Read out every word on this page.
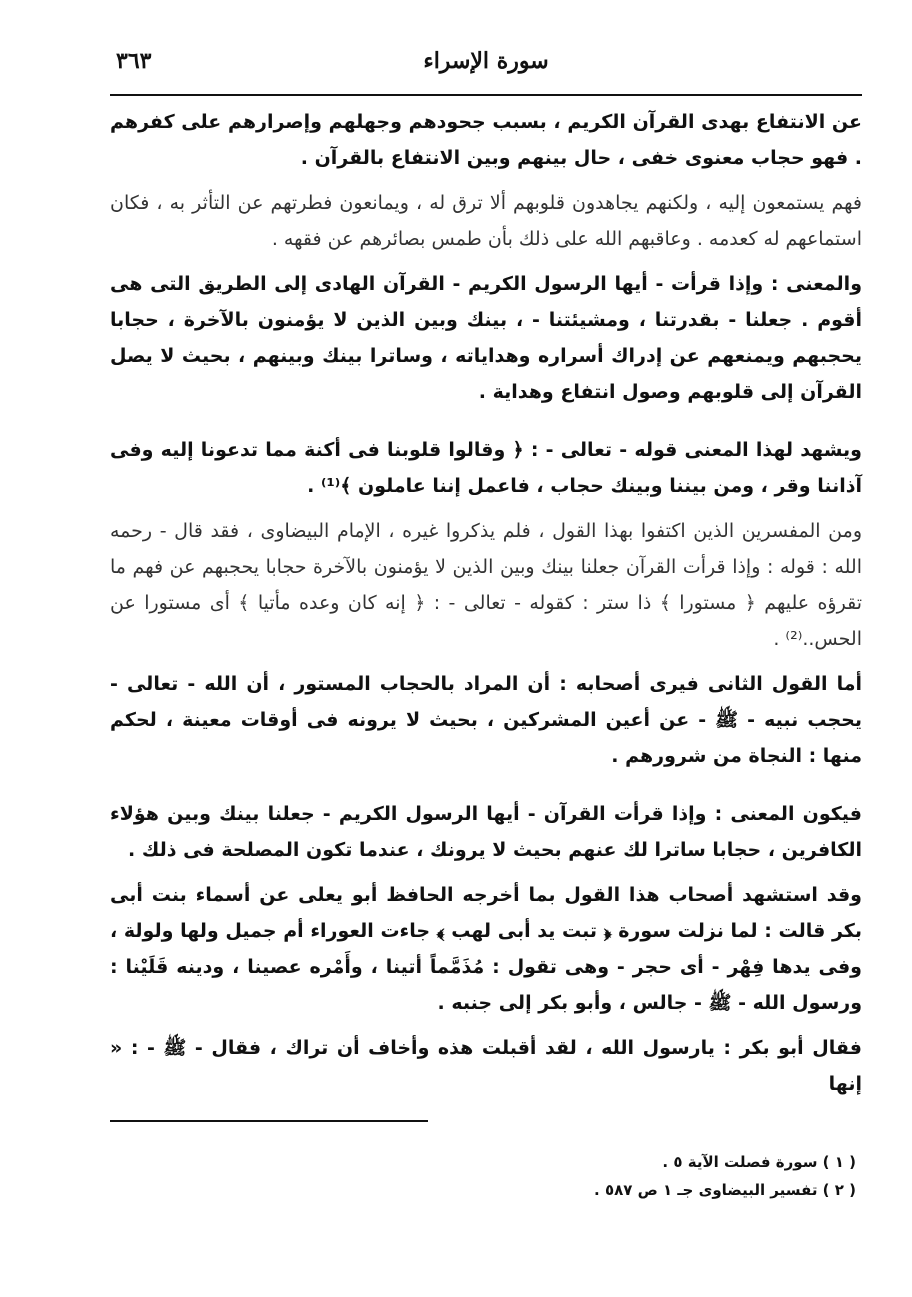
سورة الإسراء
٣٦٣

عن الانتفاع بهدى القرآن الكريم ، بسبب جحودهم وجهلهم وإصرارهم على كفرهم . فهو حجاب معنوى خفى ، حال بينهم وبين الانتفاع بالقرآن .

فهم يستمعون إليه ، ولكنهم يجاهدون قلوبهم ألا ترق له ، ويمانعون فطرتهم عن التأثر به ، فكان استماعهم له كعدمه . وعاقبهم الله على ذلك بأن طمس بصائرهم عن فقهه .

والمعنى : وإذا قرأت - أيها الرسول الكريم - القرآن الهادى إلى الطريق التى هى أقوم . جعلنا - بقدرتنا ، ومشيئتنا - ، بينك وبين الذين لا يؤمنون بالآخرة ، حجابا يحجبهم ويمنعهم عن إدراك أسراره وهداياته ، وساترا بينك وبينهم ، بحيث لا يصل القرآن إلى قلوبهم وصول انتفاع وهداية .

ويشهد لهذا المعنى قوله - تعالى - : ﴿ وقالوا قلوبنا فى أكنة مما تدعونا إليه وفى آذاننا وقر ، ومن بيننا وبينك حجاب ، فاعمل إننا عاملون ﴾⁽¹⁾ .

ومن المفسرين الذين اكتفوا بهذا القول ، فلم يذكروا غيره ، الإمام البيضاوى ، فقد قال - رحمه الله : قوله : وإذا قرأت القرآن جعلنا بينك وبين الذين لا يؤمنون بالآخرة حجابا يحجبهم عن فهم ما تقرؤه عليهم ﴿ مستورا ﴾ ذا ستر : كقوله - تعالى - : ﴿ إنه كان وعده مأتيا ﴾ أى مستورا عن الحس..⁽²⁾ .

أما القول الثانى فيرى أصحابه : أن المراد بالحجاب المستور ، أن الله - تعالى - يحجب نبيه - ﷺ - عن أعين المشركين ، بحيث لا يرونه فى أوقات معينة ، لحكم منها : النجاة من شرورهم .

فيكون المعنى : وإذا قرأت القرآن - أيها الرسول الكريم - جعلنا بينك وبين هؤلاء الكافرين ، حجابا ساترا لك عنهم بحيث لا يرونك ، عندما تكون المصلحة فى ذلك .

وقد استشهد أصحاب هذا القول بما أخرجه الحافظ أبو يعلى عن أسماء بنت أبى بكر قالت : لما نزلت سورة ﴿ تبت يد أبى لهب ﴾ جاءت العوراء أم جميل ولها ولولة ، وفى يدها فِهْر - أى حجر - وهى تقول : مُذَمَّماً أتينا ، وأَمْره عصينا ، ودينه قَلَيْنا : ورسول الله - ﷺ - جالس ، وأبو بكر إلى جنبه .

فقال أبو بكر : يارسول الله ، لقد أقبلت هذه وأخاف أن تراك ، فقال - ﷺ - : « إنها

( ١ ) سورة فصلت الآية ٥ .

( ٢ ) تفسير البيضاوى جـ ١ ص ٥٨٧ .
